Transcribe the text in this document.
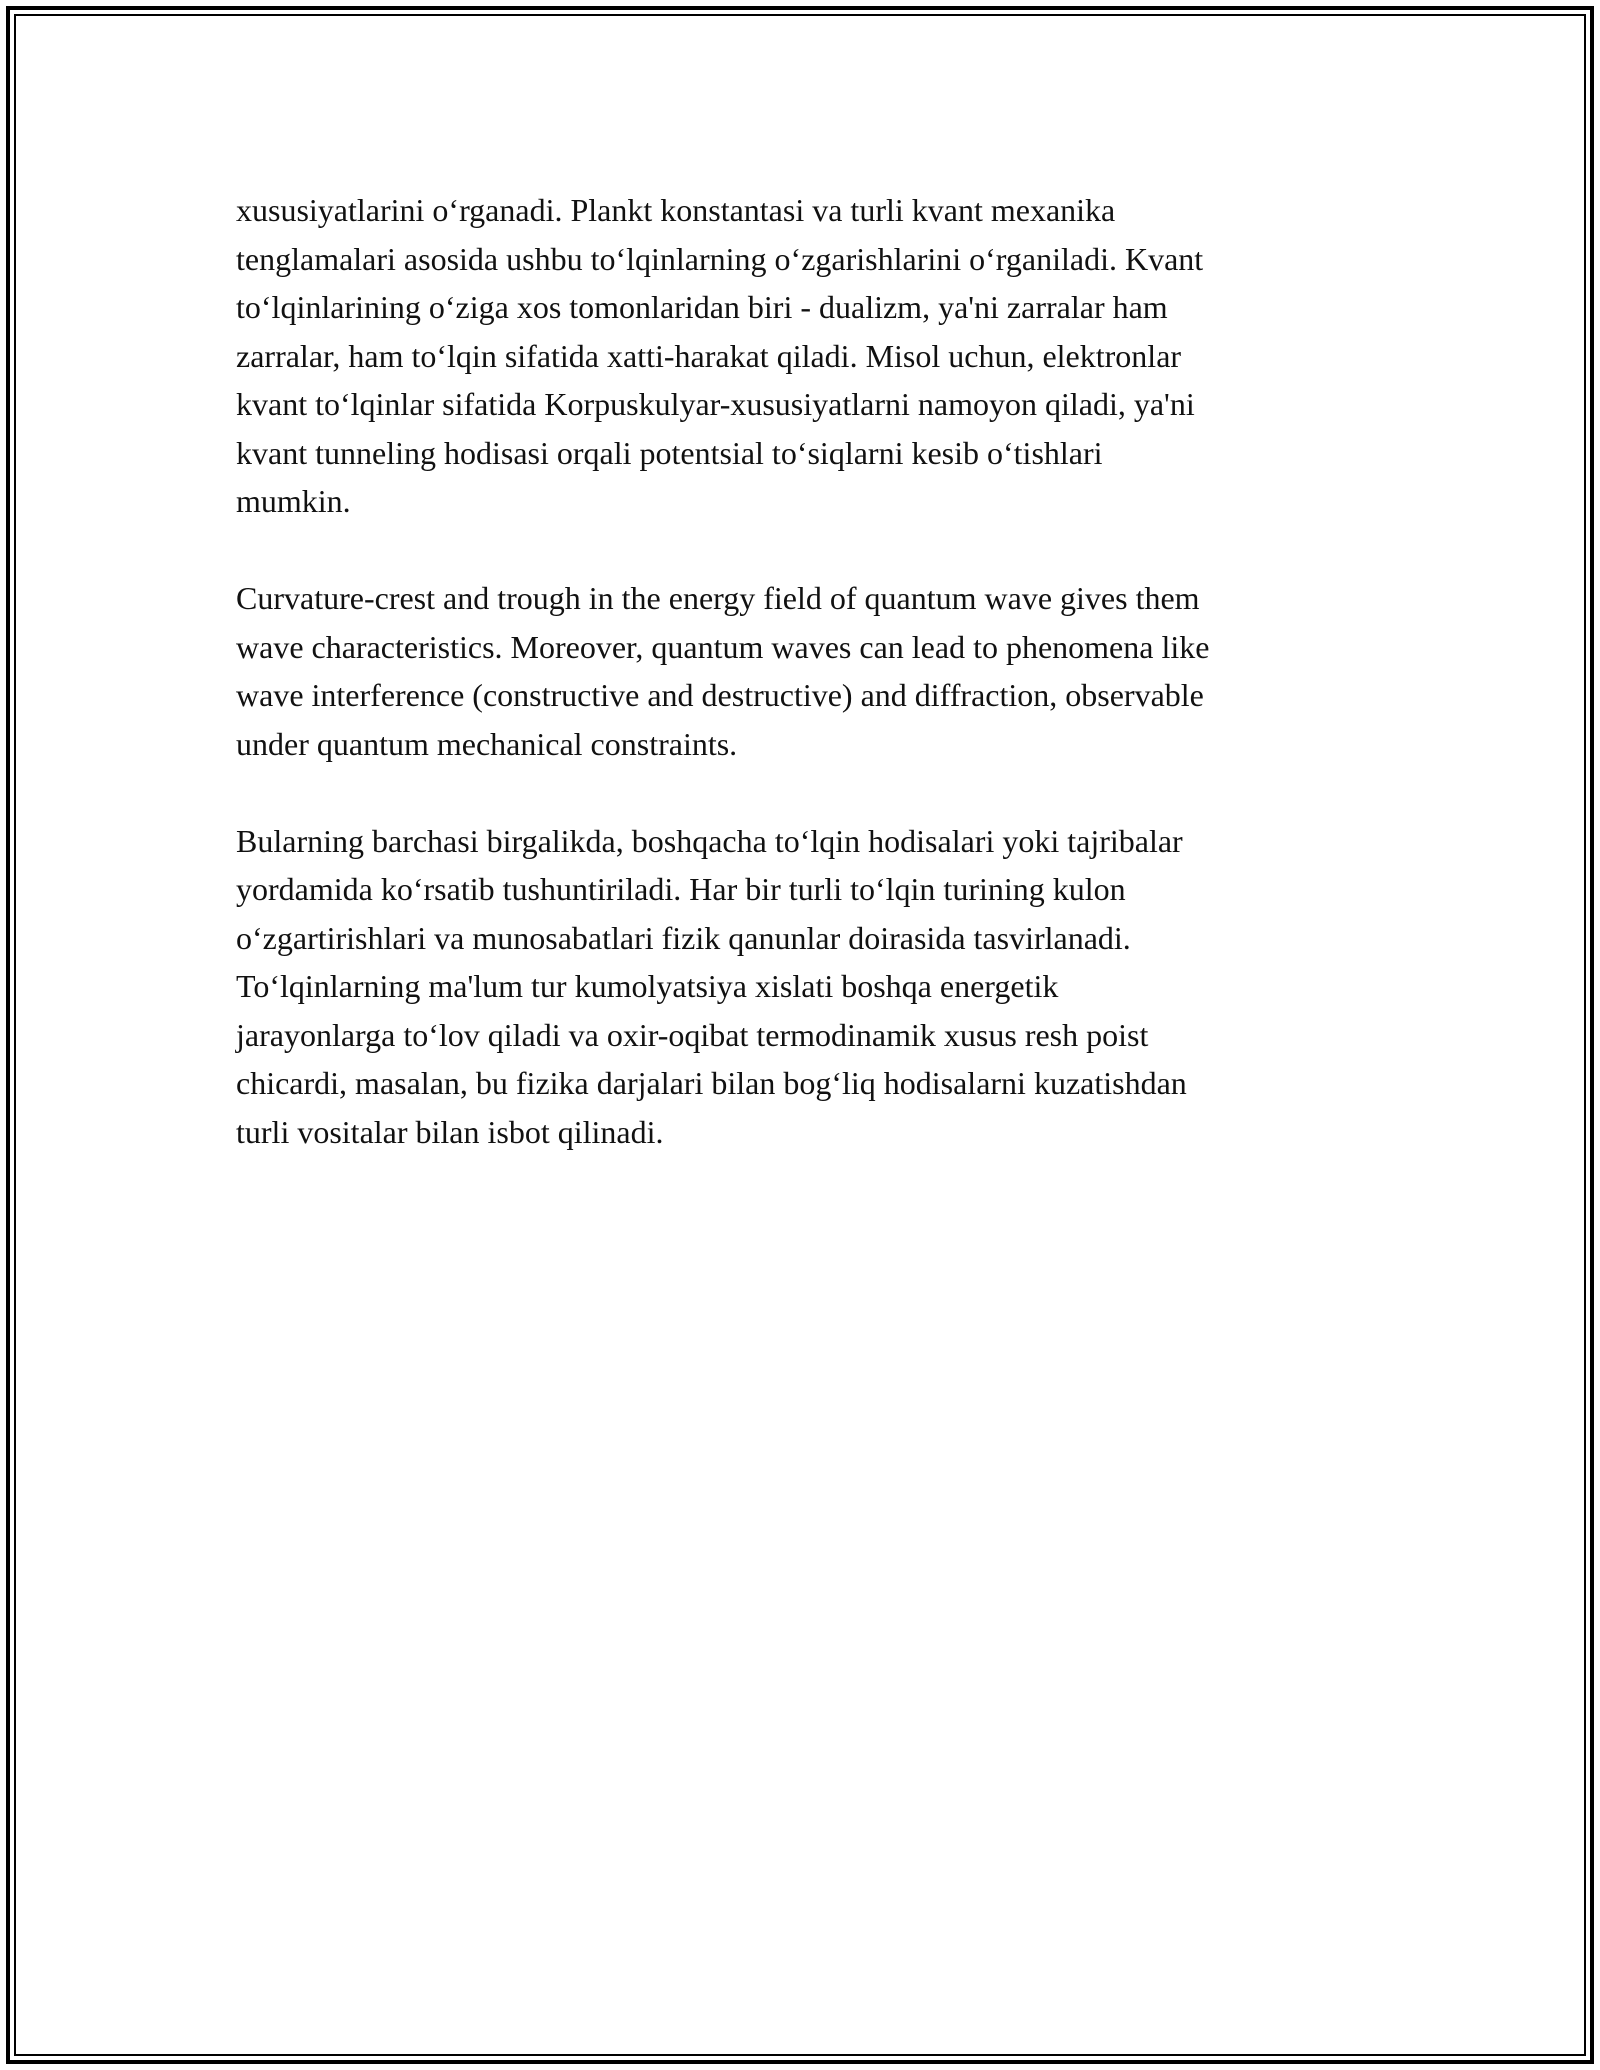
xususiyatlarini o‘rganadi. Plankt konstantasi va turli kvant mexanika
tenglamalari asosida ushbu to‘lqinlarning o‘zgarishlarini o‘rganiladi. Kvant
to‘lqinlarining o‘ziga xos tomonlaridan biri - dualizm, ya'ni zarralar ham
zarralar, ham to‘lqin sifatida xatti-harakat qiladi. Misol uchun, elektronlar
kvant to‘lqinlar sifatida Korpuskulyar-xususiyatlarni namoyon qiladi, ya'ni
kvant tunneling hodisasi orqali potentsial to‘siqlarni kesib o‘tishlari
mumkin.

Curvature-crest and trough in the energy field of quantum wave gives them
wave characteristics. Moreover, quantum waves can lead to phenomena like
wave interference (constructive and destructive) and diffraction, observable
under quantum mechanical constraints.

Bularning barchasi birgalikda, boshqacha to‘lqin hodisalari yoki tajribalar
yordamida ko‘rsatib tushuntiriladi. Har bir turli to‘lqin turining kulon
o‘zgartirishlari va munosabatlari fizik qanunlar doirasida tasvirlanadi.
To‘lqinlarning ma'lum tur kumolyatsiya xislati boshqa energetik
jarayonlarga to‘lov qiladi va oxir-oqibat termodinamik xusus resh poist
chicardi, masalan, bu fizika darjalari bilan bog‘liq hodisalarni kuzatishdan
turli vositalar bilan isbot qilinadi.
